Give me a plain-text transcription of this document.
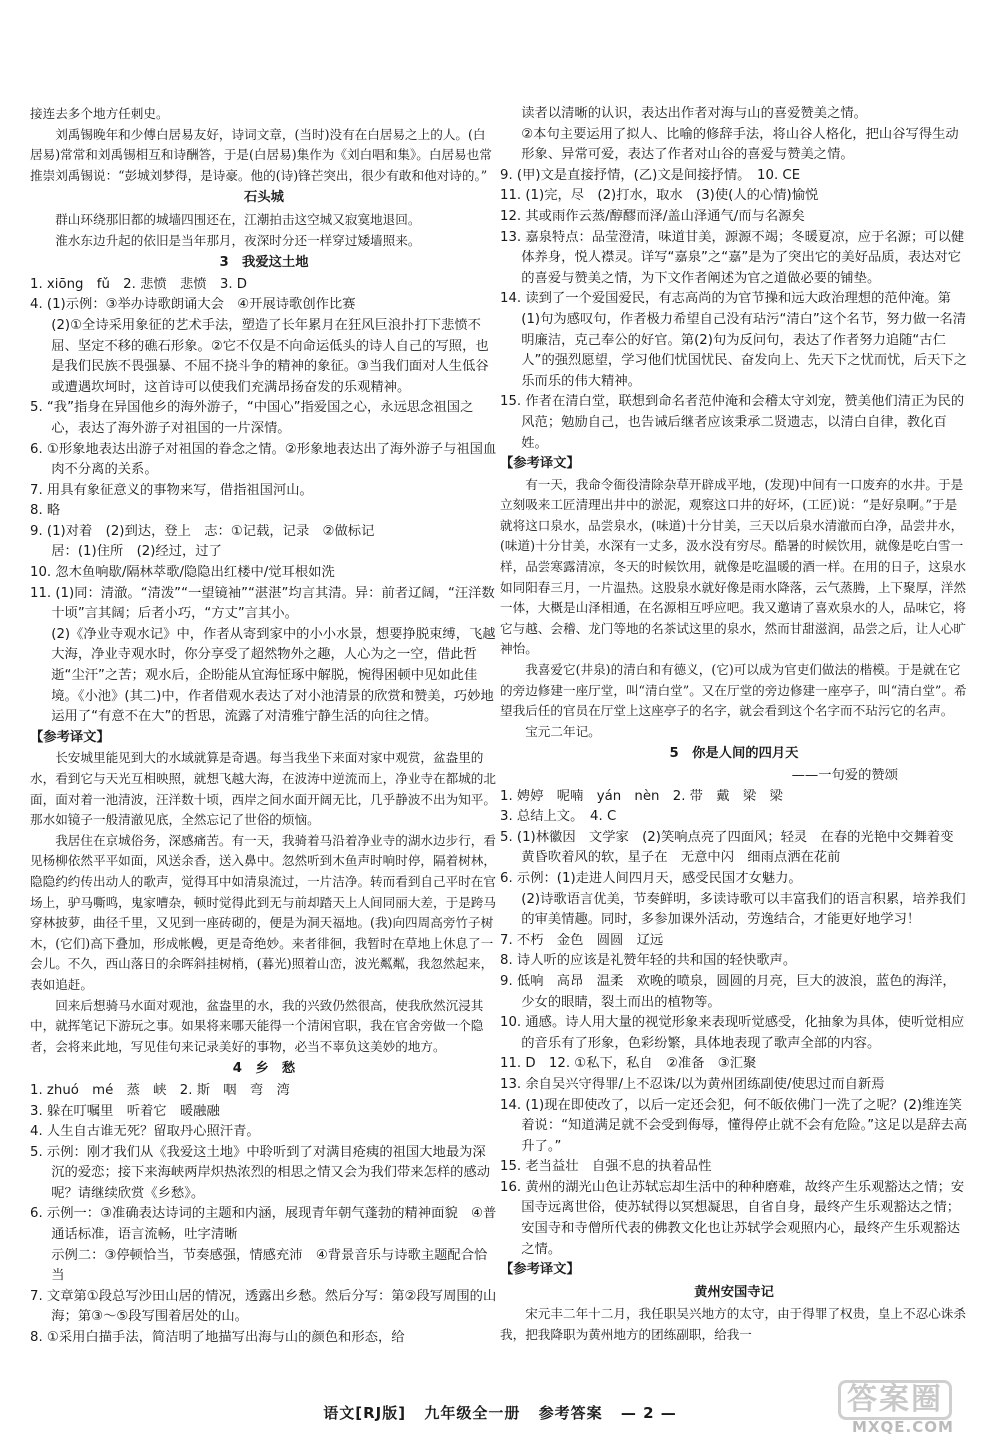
接连去多个地方任刺史。

刘禹锡晚年和少傅白居易友好，诗词文章，(当时)没有在白居易之上的人。(白居易)常常和刘禹锡相互和诗酬答，于是(白居易)集作为《刘白唱和集》。白居易也常推崇刘禹锡说：“彭城刘梦得，是诗豪。他的(诗)锋芒突出，很少有敢和他对诗的。”

石头城

群山环绕那旧都的城墙四围还在，江潮拍击这空城又寂寞地退回。

淮水东边升起的依旧是当年那月，夜深时分还一样穿过矮墙照来。

3　我爱这土地

1. xiōng　fǔ　2. 悲愤　悲愤　3. D

4. (1)示例：③举办诗歌朗诵大会　④开展诗歌创作比赛

(2)①全诗采用象征的艺术手法，塑造了长年累月在狂风巨浪扑打下悲愤不屈、坚定不移的礁石形象。②它不仅是不向命运低头的诗人自己的写照，也是我们民族不畏强暴、不屈不挠斗争的精神的象征。③当我们面对人生低谷或遭遇坎坷时，这首诗可以使我们充满昂扬奋发的乐观精神。

5. “我”指身在异国他乡的海外游子，“中国心”指爱国之心，永远思念祖国之心，表达了海外游子对祖国的一片深情。

6. ①形象地表达出游子对祖国的眷念之情。②形象地表达出了海外游子与祖国血肉不分离的关系。

7. 用具有象征意义的事物来写，借指祖国河山。

8. 略

9. (1)对着　(2)到达，登上　志：①记载，记录　②做标记

居：(1)住所　(2)经过，过了

10. 忽木鱼响歇/隔林萃歌/隐隐出红楼中/觉耳根如洗

11. (1)同：清澈。“清泼”“一望镜袖”“湛湛”均言其清。异：前者辽阔，“汪洋数十顷”言其阔；后者小巧，“方丈”言其小。

(2)《净业寺观水记》中，作者从寄到家中的小小水景，想要挣脱束缚，飞越大海，净业寺观水时，你分享受了超然物外之趣，人心为之一空，借此哲逝“尘汗”之苦；观水后，企盼能从宜海怔琢中解脱，惋得困顿中见如此佳境。《小池》(其二)中，作者借观水表达了对小池清景的欣赏和赞美，巧妙地运用了“有意不在大”的哲思，流露了对清雅宁静生活的向往之情。

【参考译文】

长安城里能见到大的水域就算是奇遇。每当我坐下来面对家中观赏，盆盎里的水，看到它与天光互相映照，就想飞越大海，在波涛中逆流而上，净业寺在都城的北面，面对着一池清波，汪洋数十顷，西岸之间水面开阔无比，几乎静波不出为知平。那水如镜子一般清澈见底，全然忘记了世俗的烦恼。

我居住在京城俗务，深感痛苦。有一天，我骑着马沿着净业寺的湖水边步行，看见杨柳依然平平如面，风送余香，送入鼻中。忽然听到木鱼声时响时停，隔着树林，隐隐约约传出动人的歌声，觉得耳中如清泉流过，一片洁净。转而看到自己平时在官场上，驴马嘶鸣，鬼家嘈杂，顿时觉得此到无与前却踏天上人间同丽大差，于是跨马穿林披萝，曲径千里，又见到一座砖砌的，便是为洞天福地。(我)向四周高旁竹子树木，(它们)高下叠加，形成帐幔，更是奇绝妙。来者徘徊，我暂时在草地上休息了一会儿。不久，西山落日的余晖斜挂树梢，(暮光)照着山峦，波光粼粼，我忽然起来，表如追赶。

回来后想骑马水面对观池，盆盎里的水，我的兴致仍然很高，使我欣然沉浸其中，就挥笔记下游玩之事。如果将来哪天能得一个清闲官职，我在官舍旁做一个隐者，会将来此地，写见佳句来记录美好的事物，必当不辜负这美妙的地方。

4　乡　愁

1. zhuó　mé　蒸　峡　2. 斯　咽　弯　湾

3. 躲在叮嘱里　听着它　暖融融

4. 人生自古谁无死？留取丹心照汗青。

5. 示例：刚才我们从《我爱这土地》中聆听到了对满目疮痍的祖国大地最为深沉的爱恋；接下来海峡两岸炽热浓烈的相思之情又会为我们带来怎样的感动呢？请继续欣赏《乡愁》。

6. 示例一：③准确表达诗词的主题和内涵，展现青年朝气蓬勃的精神面貌　④普通话标准，语言流畅，吐字清晰

示例二：③停顿恰当，节奏感强，情感充沛　④背景音乐与诗歌主题配合恰当

7. 文章第①段总写沙田山居的情况，透露出乡愁。然后分写：第②段写周围的山海；第③～⑤段写围着居处的山。

8. ①采用白描手法，简洁明了地描写出海与山的颜色和形态，给

读者以清晰的认识，表达出作者对海与山的喜爱赞美之情。

②本句主要运用了拟人、比喻的修辞手法，将山谷人格化，把山谷写得生动形象、异常可爱，表达了作者对山谷的喜爱与赞美之情。

9. (甲)文是直接抒情，(乙)文是间接抒情。　10. CE

11. (1)完，尽　(2)打水，取水　(3)使(人的心情)愉悦

12. 其或雨作云蒸/醇醪而泽/盖山泽通气/而与名源矣

13. 嘉泉特点：品莹澄清，味道甘美，源源不竭；冬暖夏凉，应于名源；可以健体养身，悦人襟灵。详写“嘉泉”之“嘉”是为了突出它的美好品质，表达对它的喜爱与赞美之情，为下文作者阐述为官之道做必要的铺垫。

14. 读到了一个爱国爱民，有志高尚的为官节操和远大政治理想的范仲淹。第(1)句为感叹句，作者极力希望自己没有玷污“清白”这个名节，努力做一名清明廉洁，克己奉公的好官。第(2)句为反问句，表达了作者努力追随“古仁人”的强烈愿望，学习他们忧国忧民、奋发向上、先天下之忧而忧，后天下之乐而乐的伟大精神。

15. 作者在清白堂，联想到命名者范仲淹和会稽太守刘宠，赞美他们清正为民的风范；勉励自己，也告诫后继者应该秉承二贤遗志，以清白自律，教化百姓。

【参考译文】

有一天，我命令衙役清除杂草开辟成平地，(发现)中间有一口废弃的水井。于是立刻吸来工匠清理出井中的淤泥，观察这口井的好坏，(工匠)说：“是好泉啊。”于是就将这口泉水，品尝泉水，(味道)十分甘美，三天以后泉水清澈而白净，品尝井水，(味道)十分甘美，水深有一丈多，汲水没有穷尽。酷暑的时候饮用，就像是吃白雪一样，品尝寒露清凉，冬天的时候饮用，就像是吃温暖的酒一样。在用的日子，这泉水如同阳春三月，一片温热。这股泉水就好像是雨水降落，云气蒸腾，上下聚厚，洋然一体，大概是山泽相通，在名源相互呼应吧。我又邀请了喜欢泉水的人，品味它，将它与越、会稽、龙门等地的名茶试这里的泉水，然而甘甜滋润，品尝之后，让人心旷神怡。

我喜爱它(井泉)的清白和有德义，(它)可以成为官吏们做法的楷模。于是就在它的旁边修建一座厅堂，叫“清白堂”。又在厅堂的旁边修建一座亭子，叫“清白堂”。希望我后任的官员在厅堂上这座亭子的名字，就会看到这个名字而不玷污它的名声。

宝元二年记。

5　你是人间的四月天

——一句爱的赞颂

1. 娉婷　呢喃　yán　nèn　2. 带　戴　梁　梁

3. 总结上文。　4. C

5. (1)林徽因　文学家　(2)笑响点亮了四面风；轻灵　在春的光艳中交舞着变　黄昏吹着风的软，星子在　无意中闪　细雨点洒在花前

6. 示例：(1)走进人间四月天，感受民国才女魅力。

(2)诗歌语言优美，节奏鲜明，多读诗歌可以丰富我们的语言积累，培养我们的审美情趣。同时，多参加课外活动，劳逸结合，才能更好地学习！

7. 不朽　金色　圆圆　辽远

8. 诗人听的应该是礼赞年轻的共和国的轻快歌声。

9. 低响　高昂　温柔　欢晚的喷泉，圆圆的月亮，巨大的波浪，蓝色的海洋，少女的眼睛，裂土而出的植物等。

10. 通感。诗人用大量的视觉形象来表现听觉感受，化抽象为具体，使听觉相应的音乐有了形象，色彩纷繁，具体地表现了歌声全部的内容。

11. D　12. ①私下，私自　②准备　③汇聚

13. 余自吴兴守得罪/上不忍诛/以为黄州团练副使/使思过而自新焉

14. (1)现在即使改了，以后一定还会犯，何不皈依佛门一洗了之呢？(2)维连笑着说：“知道满足就不会受到侮辱，懂得停止就不会有危险。”这足以是辞去高升了。”

15. 老当益壮　自强不息的执着品性

16. 黄州的湖光山色让苏轼忘却生活中的种种磨难，故终产生乐观豁达之情；安国寺远离世俗，使苏轼得以冥想凝思，自省自身，最终产生乐观豁达之情；安国寺和寺僧所代表的佛教文化也让苏轼学会观照内心，最终产生乐观豁达之情。

【参考译文】

黄州安国寺记

宋元丰二年十二月，我任职吴兴地方的太守，由于得罪了权贵，皇上不忍心诛杀我，把我降职为黄州地方的团练副职，给我一

语文[RJ版] 九年级全一册 参考答案 — 2 —	答案圈
MXQE.COM
